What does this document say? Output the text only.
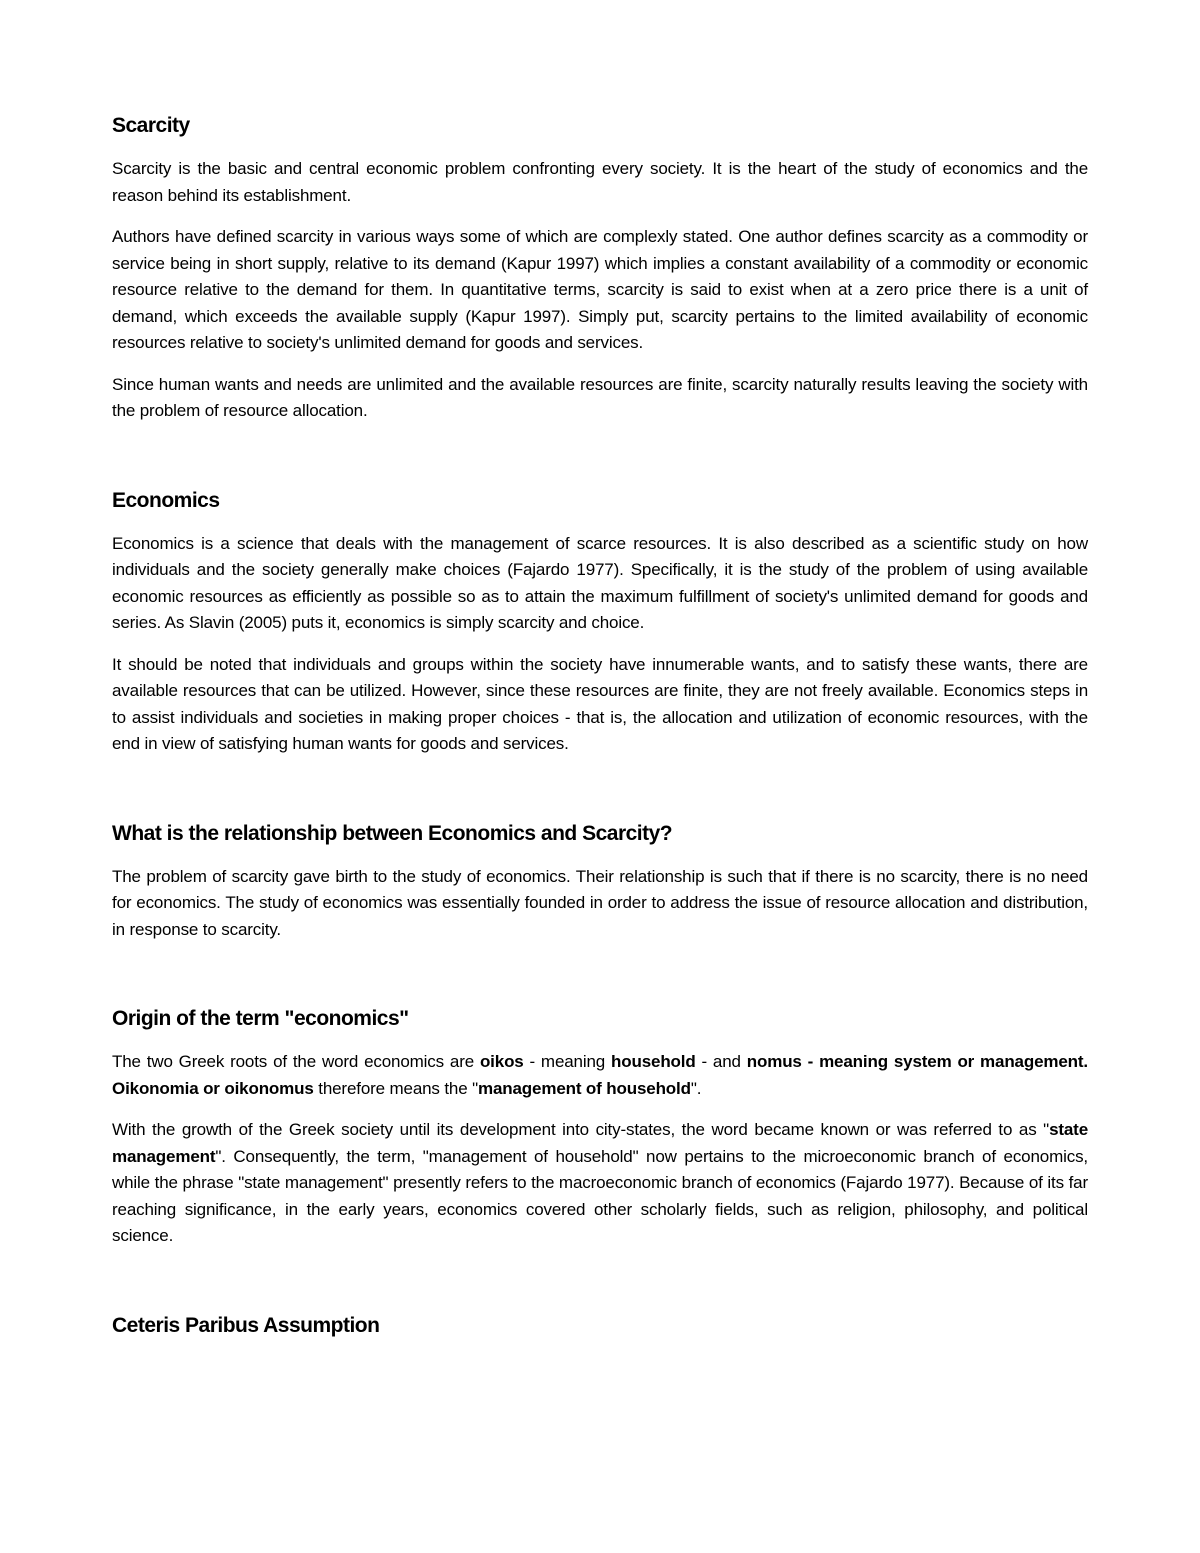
Scarcity

Scarcity is the basic and central economic problem confronting every society. It is the heart of the study of economics and the reason behind its establishment.

Authors have defined scarcity in various ways some of which are complexly stated. One author defines scarcity as a commodity or service being in short supply, relative to its demand (Kapur 1997) which implies a constant availability of a commodity or economic resource relative to the demand for them. In quantitative terms, scarcity is said to exist when at a zero price there is a unit of demand, which exceeds the available supply (Kapur 1997). Simply put, scarcity pertains to the limited availability of economic resources relative to society's unlimited demand for goods and services.

Since human wants and needs are unlimited and the available resources are finite, scarcity naturally results leaving the society with the problem of resource allocation.

Economics

Economics is a science that deals with the management of scarce resources. It is also described as a scientific study on how individuals and the society generally make choices (Fajardo 1977). Specifically, it is the study of the problem of using available economic resources as efficiently as possible so as to attain the maximum fulfillment of society's unlimited demand for goods and series. As Slavin (2005) puts it, economics is simply scarcity and choice.

It should be noted that individuals and groups within the society have innumerable wants, and to satisfy these wants, there are available resources that can be utilized. However, since these resources are finite, they are not freely available. Economics steps in to assist individuals and societies in making proper choices - that is, the allocation and utilization of economic resources, with the end in view of satisfying human wants for goods and services.

What is the relationship between Economics and Scarcity?

The problem of scarcity gave birth to the study of economics. Their relationship is such that if there is no scarcity, there is no need for economics. The study of economics was essentially founded in order to address the issue of resource allocation and distribution, in response to scarcity.

Origin of the term "economics"

The two Greek roots of the word economics are oikos - meaning household - and nomus - meaning system or management. Oikonomia or oikonomus therefore means the "management of household".

With the growth of the Greek society until its development into city-states, the word became known or was referred to as "state management". Consequently, the term, "management of household" now pertains to the microeconomic branch of economics, while the phrase "state management" presently refers to the macroeconomic branch of economics (Fajardo 1977). Because of its far reaching significance, in the early years, economics covered other scholarly fields, such as religion, philosophy, and political science.

Ceteris Paribus Assumption
